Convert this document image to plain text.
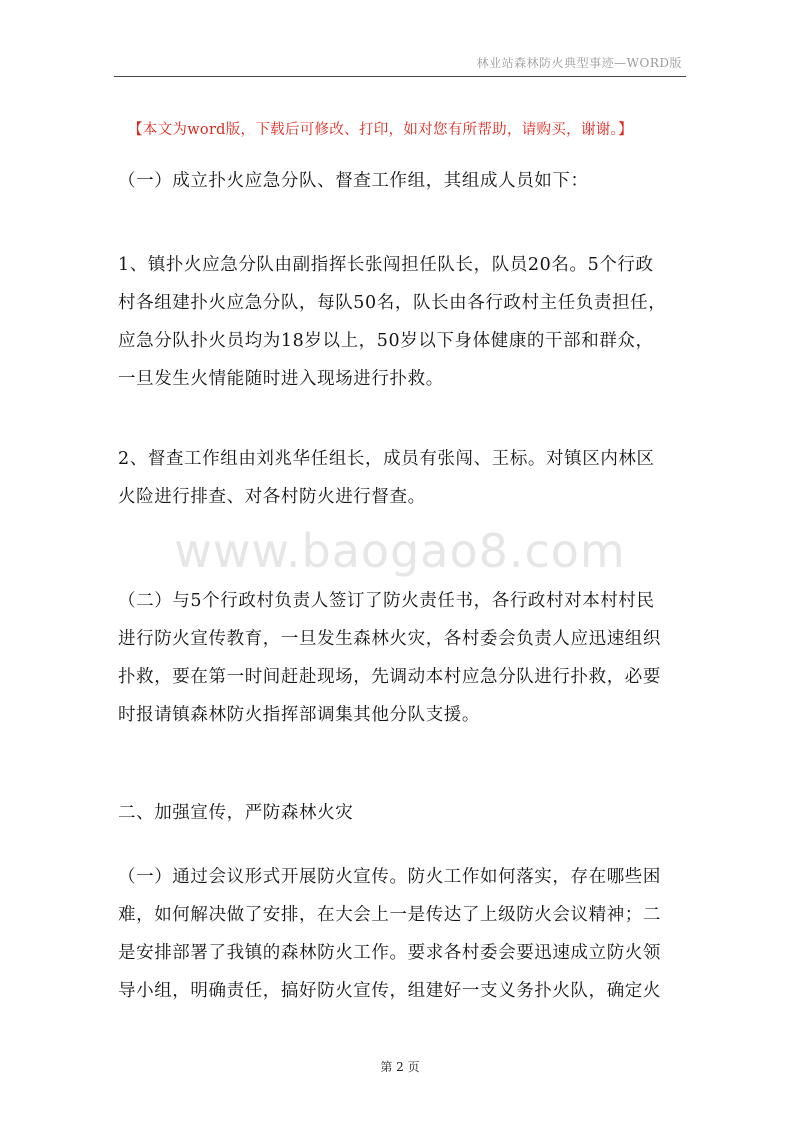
林业站森林防火典型事迹—WORD版
【本文为word版，下载后可修改、打印，如对您有所帮助，请购买，谢谢。】
www.baogao8.com

（一）成立扑火应急分队、督查工作组，其组成人员如下：

1、镇扑火应急分队由副指挥长张闯担任队长，队员20名。5个行政
村各组建扑火应急分队，每队50名，队长由各行政村主任负责担任，
应急分队扑火员均为18岁以上，50岁以下身体健康的干部和群众，
一旦发生火情能随时进入现场进行扑救。

2、督查工作组由刘兆华任组长，成员有张闯、王标。对镇区内林区
火险进行排查、对各村防火进行督查。

（二）与5个行政村负责人签订了防火责任书，各行政村对本村村民
进行防火宣传教育，一旦发生森林火灾，各村委会负责人应迅速组织
扑救，要在第一时间赶赴现场，先调动本村应急分队进行扑救，必要
时报请镇森林防火指挥部调集其他分队支援。

二、加强宣传，严防森林火灾

（一）通过会议形式开展防火宣传。防火工作如何落实，存在哪些困
难，如何解决做了安排，在大会上一是传达了上级防火会议精神；二
是安排部署了我镇的森林防火工作。要求各村委会要迅速成立防火领
导小组，明确责任，搞好防火宣传，组建好一支义务扑火队，确定火

第 2 页
